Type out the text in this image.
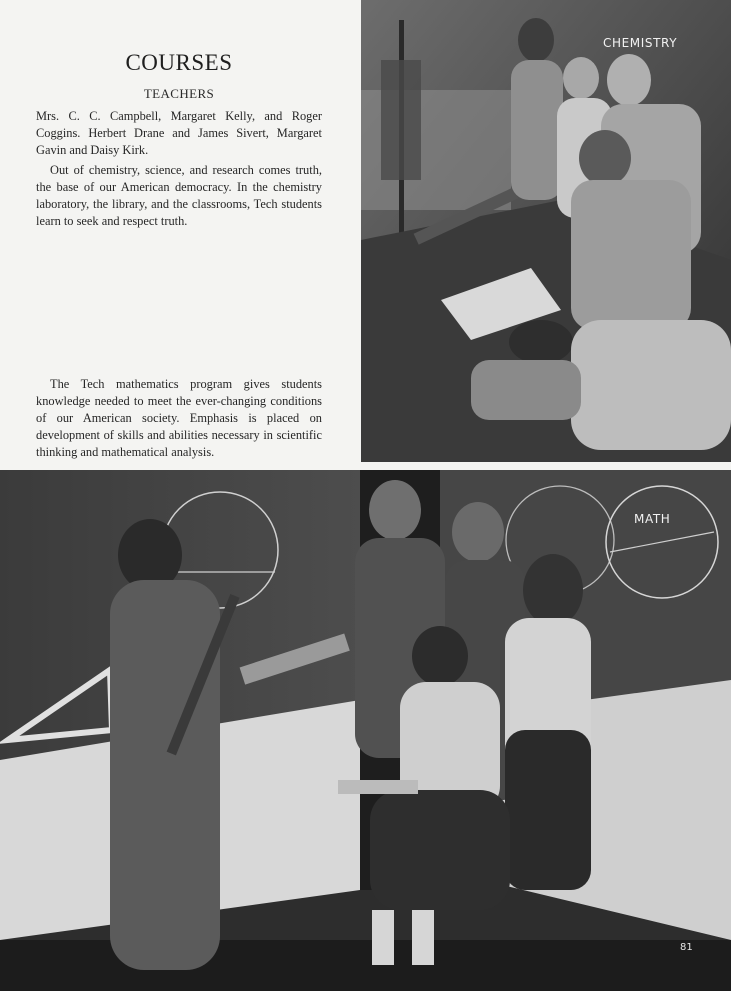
COURSES
TEACHERS

Mrs. C. C. Campbell, Margaret Kelly, and Roger Coggins. Herbert Drane and James Sivert, Margaret Gavin and Daisy Kirk.

Out of chemistry, science, and research comes truth, the base of our American democracy. In the chemistry laboratory, the library, and the classrooms, Tech students learn to seek and respect truth.

The Tech mathematics program gives students knowledge needed to meet the ever-changing conditions of our American society. Emphasis is placed on development of skills and abilities necessary in scientific thinking and mathematical analysis.

CHEMISTRY
MATH
81
